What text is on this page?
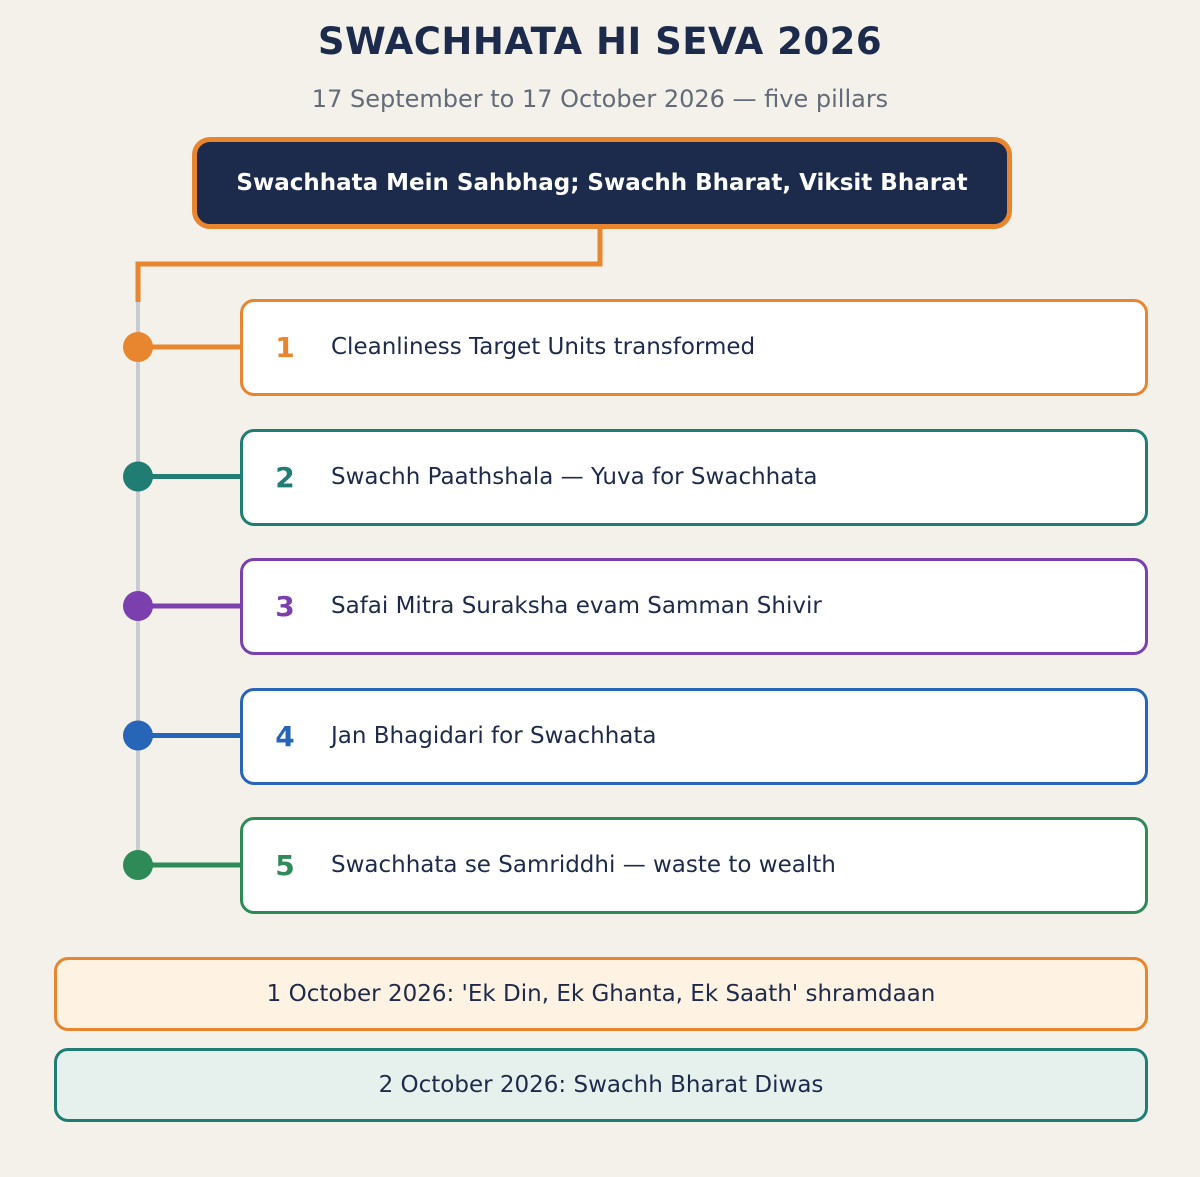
SWACHHATA HI SEVA 2026
17 September to 17 October 2026 — five pillars
Swachhata Mein Sahbhag; Swachh Bharat, Viksit Bharat
1 Cleanliness Target Units transformed
2 Swachh Paathshala — Yuva for Swachhata
3 Safai Mitra Suraksha evam Samman Shivir
4 Jan Bhagidari for Swachhata
5 Swachhata se Samriddhi — waste to wealth
1 October 2026: 'Ek Din, Ek Ghanta, Ek Saath' shramdaan
2 October 2026: Swachh Bharat Diwas
